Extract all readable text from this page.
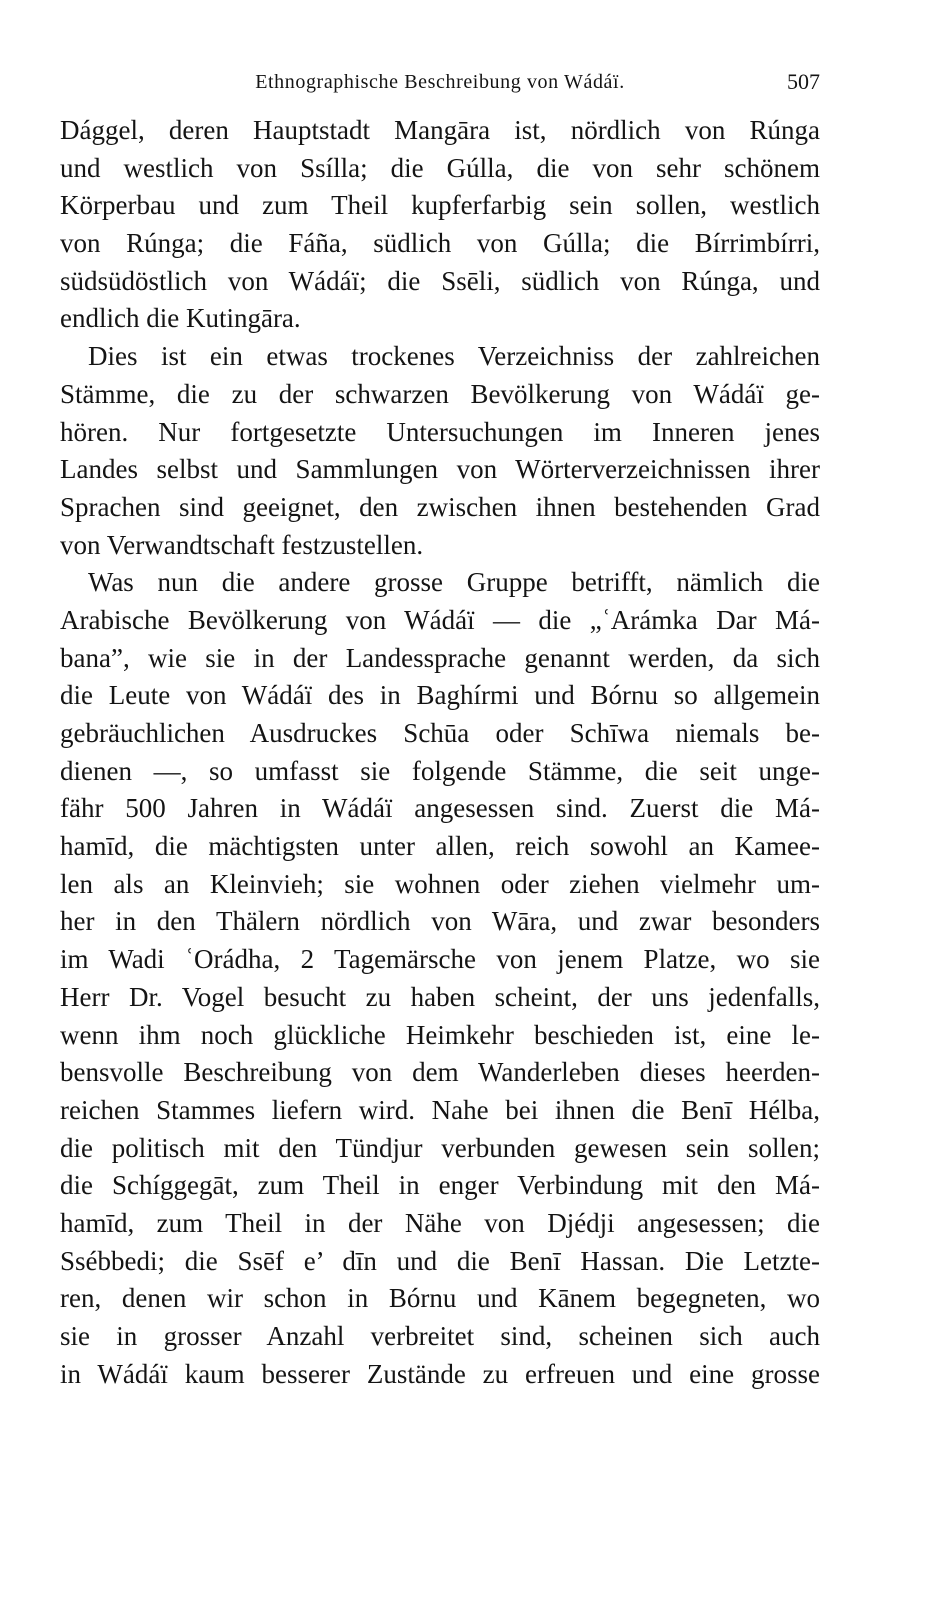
Ethnographische Beschreibung von Wádáï.	507
Dággel, deren Hauptstadt Mangāra ist, nördlich von Rúnga
und westlich von Ssílla; die Gúlla, die von sehr schönem
Körperbau und zum Theil kupferfarbig sein sollen, westlich
von Rúnga; die Fáña, südlich von Gúlla; die Bírrimbírri,
südsüdöstlich von Wádáï; die Ssēli, südlich von Rúnga, und
endlich die Kutingāra.
Dies ist ein etwas trockenes Verzeichniss der zahlreichen
Stämme, die zu der schwarzen Bevölkerung von Wádáï ge-
hören. Nur fortgesetzte Untersuchungen im Inneren jenes
Landes selbst und Sammlungen von Wörterverzeichnissen ihrer
Sprachen sind geeignet, den zwischen ihnen bestehenden Grad
von Verwandtschaft festzustellen.
Was nun die andere grosse Gruppe betrifft, nämlich die
Arabische Bevölkerung von Wádáï — die „ʿArámka Dar Má-
bana”, wie sie in der Landessprache genannt werden, da sich
die Leute von Wádáï des in Baghírmi und Bórnu so allgemein
gebräuchlichen Ausdruckes Schūa oder Schīwa niemals be-
dienen —, so umfasst sie folgende Stämme, die seit unge-
fähr 500 Jahren in Wádáï angesessen sind. Zuerst die Má-
hamīd, die mächtigsten unter allen, reich sowohl an Kamee-
len als an Kleinvieh; sie wohnen oder ziehen vielmehr um-
her in den Thälern nördlich von Wāra, und zwar besonders
im Wadi ʿOrádha, 2 Tagemärsche von jenem Platze, wo sie
Herr Dr. Vogel besucht zu haben scheint, der uns jedenfalls,
wenn ihm noch glückliche Heimkehr beschieden ist, eine le-
bensvolle Beschreibung von dem Wanderleben dieses heerden-
reichen Stammes liefern wird. Nahe bei ihnen die Benī Hélba,
die politisch mit den Tündjur verbunden gewesen sein sollen;
die Schíggegāt, zum Theil in enger Verbindung mit den Má-
hamīd, zum Theil in der Nähe von Djédji angesessen; die
Ssébbedi; die Ssēf e’ dīn und die Benī Hassan. Die Letzte-
ren, denen wir schon in Bórnu und Kānem begegneten, wo
sie in grosser Anzahl verbreitet sind, scheinen sich auch
in Wádáï kaum besserer Zustände zu erfreuen und eine grosse
